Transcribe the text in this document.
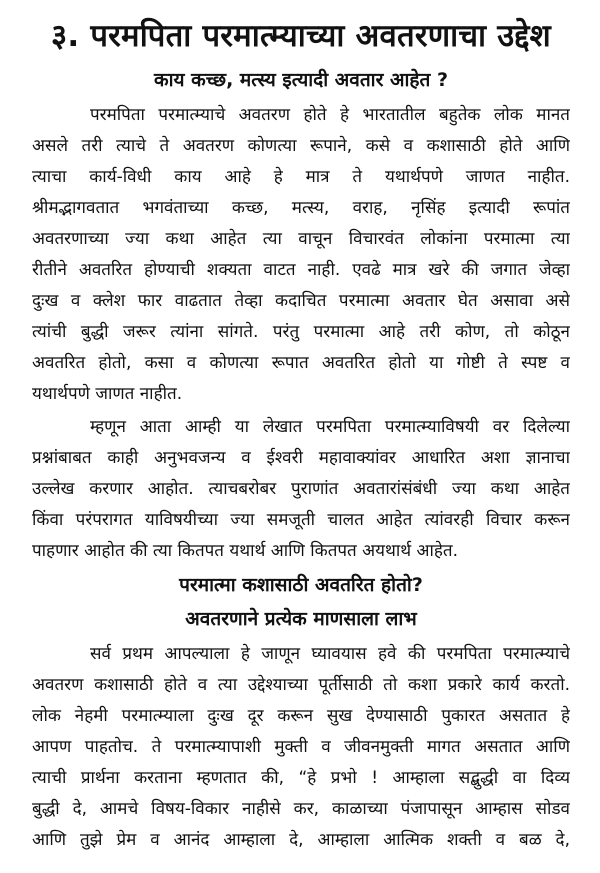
३. परमपिता परमात्म्याच्या अवतरणाचा उद्देश
काय कच्छ, मत्स्य इत्यादी अवतार आहेत ?
परमपिता परमात्म्याचे अवतरण होते हे भारतातील बहुतेक लोक मानत
असले तरी त्याचे ते अवतरण कोणत्या रूपाने, कसे व कशासाठी होते आणि
त्याचा कार्य-विधी काय आहे हे मात्र ते यथार्थपणे जाणत नाहीत.
श्रीमद्भागवतात भगवंताच्या कच्छ, मत्स्य, वराह, नृसिंह इत्यादी रूपांत
अवतरणाच्या ज्या कथा आहेत त्या वाचून विचारवंत लोकांना परमात्मा त्या
रीतीने अवतरित होण्याची शक्यता वाटत नाही. एवढे मात्र खरे की जगात जेव्हा
दुःख व क्लेश फार वाढतात तेव्हा कदाचित परमात्मा अवतार घेत असावा असे
त्यांची बुद्धी जरूर त्यांना सांगते. परंतु परमात्मा आहे तरी कोण, तो कोठून
अवतरित होतो, कसा व कोणत्या रूपात अवतरित होतो या गोष्टी ते स्पष्ट व
यथार्थपणे जाणत नाहीत.
म्हणून आता आम्ही या लेखात परमपिता परमात्म्याविषयी वर दिलेल्या
प्रश्नांबाबत काही अनुभवजन्य व ईश्वरी महावाक्यांवर आधारित अशा ज्ञानाचा
उल्लेख करणार आहोत. त्याचबरोबर पुराणांत अवतारांसंबंधी ज्या कथा आहेत
किंवा परंपरागत याविषयीच्या ज्या समजूती चालत आहेत त्यांवरही विचार करून
पाहणार आहोत की त्या कितपत यथार्थ आणि कितपत अयथार्थ आहेत.
परमात्मा कशासाठी अवतरित होतो?
अवतरणाने प्रत्येक माणसाला लाभ
सर्व प्रथम आपल्याला हे जाणून घ्यावयास हवे की परमपिता परमात्म्याचे
अवतरण कशासाठी होते व त्या उद्देश्याच्या पूर्तीसाठी तो कशा प्रकारे कार्य करतो.
लोक नेहमी परमात्म्याला दुःख दूर करून सुख देण्यासाठी पुकारत असतात हे
आपण पाहतोच. ते परमात्म्यापाशी मुक्ती व जीवनमुक्ती मागत असतात आणि
त्याची प्रार्थना करताना म्हणतात की, “हे प्रभो ! आम्हाला सद्बुद्धी वा दिव्य
बुद्धी दे, आमचे विषय-विकार नाहीसे कर, काळाच्या पंजापासून आम्हास सोडव
आणि तुझे प्रेम व आनंद आम्हाला दे, आम्हाला आत्मिक शक्ती व बळ दे,
